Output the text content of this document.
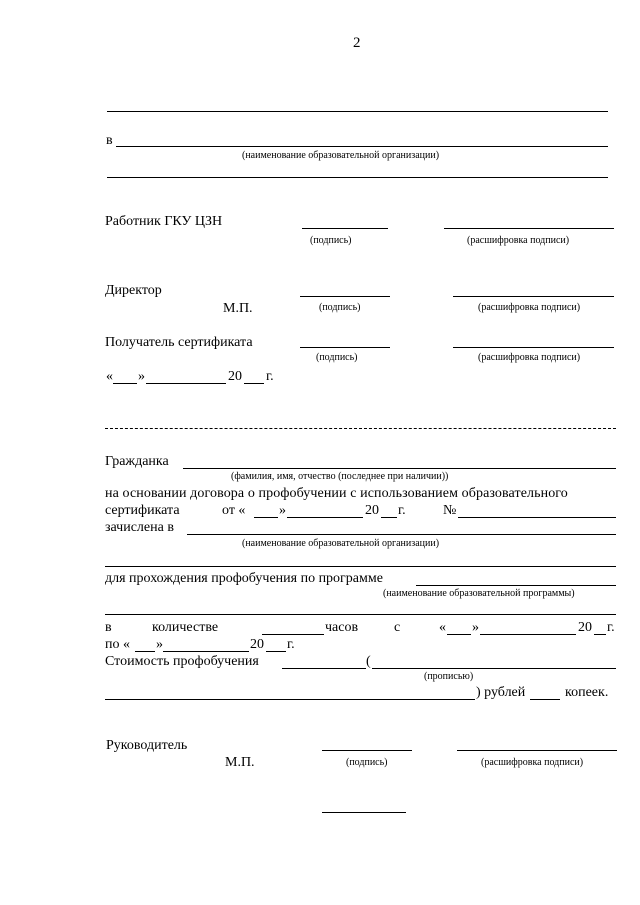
2
в
(наименование образовательной организации)
Работник ГКУ ЦЗН
(подпись)	(расшифровка подписи)
Директор
М.П.	(подпись)	(расшифровка подписи)
Получатель сертификата
(подпись)	(расшифровка подписи)
« »	20 г.
Гражданка
(фамилия, имя, отчество (последнее при наличии))
на основании договора о профобучении с использованием образовательного
сертификата	от « »	20 г.	№
зачислена в
(наименование образовательной организации)
для прохождения профобучения по программе
(наименование образовательной программы)
в	количестве	часов	с	« »	20 г.
по « »	20 г.
Стоимость профобучения	(
(прописью)
) рублей	копеек.
Руководитель
М.П.	(подпись)	(расшифровка подписи)
